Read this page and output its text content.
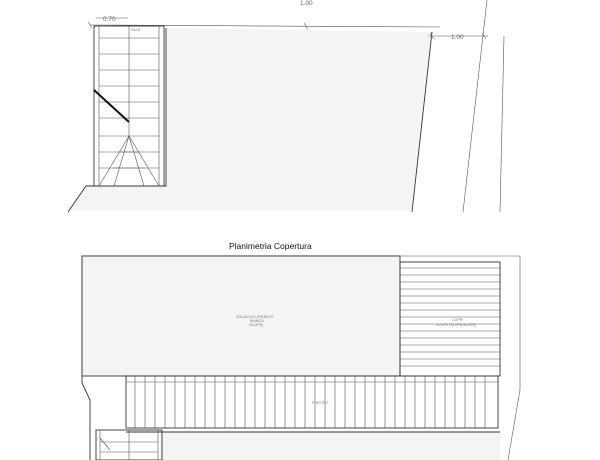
1.00
0.70
1.00
SALE
Planimetria Copertura
SOLAIO IN LATERIZIO
BIANCO
(SLOPE)
COPPI
SLOPE (SLOPE/SLOPE)
PORTICO
